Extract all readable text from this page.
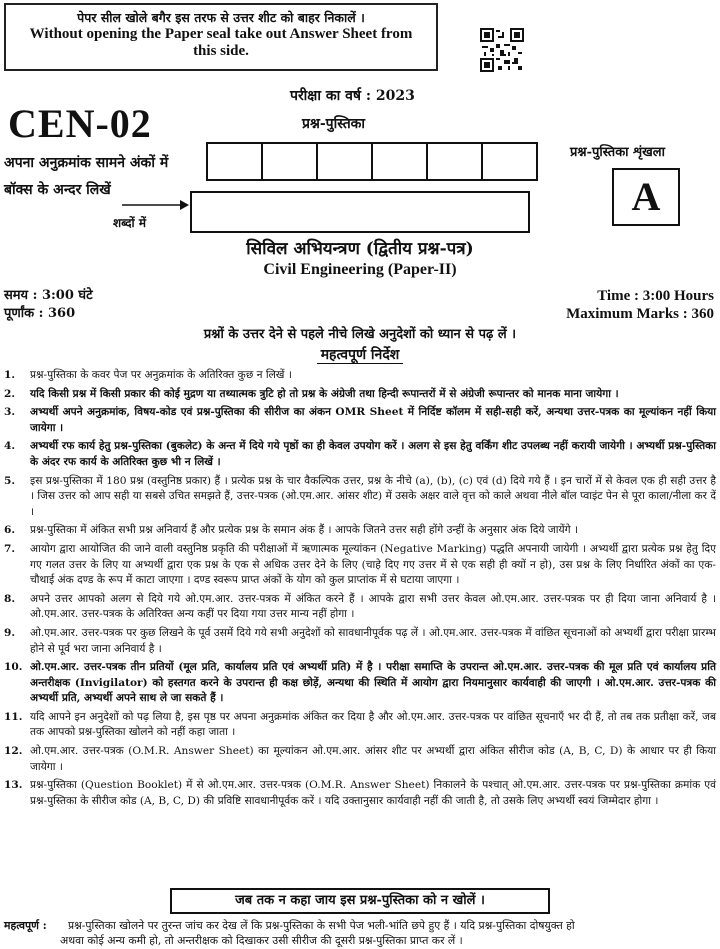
पेपर सील खोले बगैर इस तरफ से उत्तर शीट को बाहर निकालें ।
Without opening the Paper seal take out Answer Sheet from
this side.
परीक्षा का वर्ष : 2023
CEN-02	प्रश्न-पुस्तिका
प्रश्न-पुस्तिका शृंखला
A
अपना अनुक्रमांक सामने अंकों में
बॉक्स के अन्दर लिखें
शब्दों में
सिविल अभियन्त्रण (द्वितीय प्रश्न-पत्र)
Civil Engineering (Paper-II)
समय : 3:00 घंटे
पूर्णांक : 360
Time : 3:00 Hours
Maximum Marks : 360
प्रश्नों के उत्तर देने से पहले नीचे लिखे अनुदेशों को ध्यान से पढ़ लें ।
महत्वपूर्ण निर्देश
1.	प्रश्न-पुस्तिका के कवर पेज पर अनुक्रमांक के अतिरिक्त कुछ न लिखें ।
2.	यदि किसी प्रश्न में किसी प्रकार की कोई मुद्रण या तथ्यात्मक त्रुटि हो तो प्रश्न के अंग्रेजी तथा हिन्दी रूपान्तरों में से अंग्रेजी रूपान्तर को मानक माना जायेगा ।
3.	अभ्यर्थी अपने अनुक्रमांक, विषय-कोड एवं प्रश्न-पुस्तिका की सीरीज का अंकन OMR Sheet में निर्दिष्ट कॉलम में सही-सही करें, अन्यथा उत्तर-पत्रक का मूल्यांकन नहीं किया जायेगा ।
4.	अभ्यर्थी रफ कार्य हेतु प्रश्न-पुस्तिका (बुकलेट) के अन्त में दिये गये पृष्ठों का ही केवल उपयोग करें । अलग से इस हेतु वर्किंग शीट उपलब्ध नहीं करायी जायेगी । अभ्यर्थी प्रश्न-पुस्तिका के अंदर रफ कार्य के अतिरिक्त कुछ भी न लिखें ।
5.	इस प्रश्न-पुस्तिका में 180 प्रश्न (वस्तुनिष्ठ प्रकार) हैं । प्रत्येक प्रश्न के चार वैकल्पिक उत्तर, प्रश्न के नीचे (a), (b), (c) एवं (d) दिये गये हैं । इन चारों में से केवल एक ही सही उत्तर है । जिस उत्तर को आप सही या सबसे उचित समझते हैं, उत्तर-पत्रक (ओ.एम.आर. आंसर शीट) में उसके अक्षर वाले वृत्त को काले अथवा नीले बॉल प्वाइंट पेन से पूरा काला/नीला कर दें ।
6.	प्रश्न-पुस्तिका में अंकित सभी प्रश्न अनिवार्य हैं और प्रत्येक प्रश्न के समान अंक हैं । आपके जितने उत्तर सही होंगे उन्हीं के अनुसार अंक दिये जायेंगे ।
7.	आयोग द्वारा आयोजित की जाने वाली वस्तुनिष्ठ प्रकृति की परीक्षाओं में ऋणात्मक मूल्यांकन (Negative Marking) पद्धति अपनायी जायेगी । अभ्यर्थी द्वारा प्रत्येक प्रश्न हेतु दिए गए गलत उत्तर के लिए या अभ्यर्थी द्वारा एक प्रश्न के एक से अधिक उत्तर देने के लिए (चाहे दिए गए उत्तर में से एक सही ही क्यों न हो), उस प्रश्न के लिए निर्धारित अंकों का एक-चौथाई अंक दण्ड के रूप में काटा जाएगा । दण्ड स्वरूप प्राप्त अंकों के योग को कुल प्राप्तांक में से घटाया जाएगा ।
8.	अपने उत्तर आपको अलग से दिये गये ओ.एम.आर. उत्तर-पत्रक में अंकित करने हैं । आपके द्वारा सभी उत्तर केवल ओ.एम.आर. उत्तर-पत्रक पर ही दिया जाना अनिवार्य है । ओ.एम.आर. उत्तर-पत्रक के अतिरिक्त अन्य कहीं पर दिया गया उत्तर मान्य नहीं होगा ।
9.	ओ.एम.आर. उत्तर-पत्रक पर कुछ लिखने के पूर्व उसमें दिये गये सभी अनुदेशों को सावधानीपूर्वक पढ़ लें । ओ.एम.आर. उत्तर-पत्रक में वांछित सूचनाओं को अभ्यर्थी द्वारा परीक्षा प्रारम्भ होने से पूर्व भरा जाना अनिवार्य है ।
10. ओ.एम.आर. उत्तर-पत्रक तीन प्रतियों (मूल प्रति, कार्यालय प्रति एवं अभ्यर्थी प्रति) में है । परीक्षा समाप्ति के उपरान्त ओ.एम.आर. उत्तर-पत्रक की मूल प्रति एवं कार्यालय प्रति अन्तरीक्षक (Invigilator) को हस्तगत करने के उपरान्त ही कक्ष छोड़ें, अन्यथा की स्थिति में आयोग द्वारा नियमानुसार कार्यवाही की जाएगी । ओ.एम.आर. उत्तर-पत्रक की अभ्यर्थी प्रति, अभ्यर्थी अपने साथ ले जा सकते हैं ।
11. यदि आपने इन अनुदेशों को पढ़ लिया है, इस पृष्ठ पर अपना अनुक्रमांक अंकित कर दिया है और ओ.एम.आर. उत्तर-पत्रक पर वांछित सूचनाएँ भर दी हैं, तो तब तक प्रतीक्षा करें, जब तक आपको प्रश्न-पुस्तिका खोलने को नहीं कहा जाता ।
12. ओ.एम.आर. उत्तर-पत्रक (O.M.R. Answer Sheet) का मूल्यांकन ओ.एम.आर. आंसर शीट पर अभ्यर्थी द्वारा अंकित सीरीज कोड (A, B, C, D) के आधार पर ही किया जायेगा ।
13. प्रश्न-पुस्तिका (Question Booklet) में से ओ.एम.आर. उत्तर-पत्रक (O.M.R. Answer Sheet) निकालने के पश्चात् ओ.एम.आर. उत्तर-पत्रक पर प्रश्न-पुस्तिका क्रमांक एवं प्रश्न-पुस्तिका के सीरीज कोड (A, B, C, D) की प्रविष्टि सावधानीपूर्वक करें । यदि उक्तानुसार कार्यवाही नहीं की जाती है, तो उसके लिए अभ्यर्थी स्वयं जिम्मेदार होगा ।
जब तक न कहा जाय इस प्रश्न-पुस्तिका को न खोलें ।
महत्वपूर्ण : प्रश्न-पुस्तिका खोलने पर तुरन्त जांच कर देख लें कि प्रश्न-पुस्तिका के सभी पेज भली-भांति छपे हुए हैं । यदि प्रश्न-पुस्तिका दोषयुक्त हो
अथवा कोई अन्य कमी हो, तो अन्तरीक्षक को दिखाकर उसी सीरीज की दूसरी प्रश्न-पुस्तिका प्राप्त कर लें ।
